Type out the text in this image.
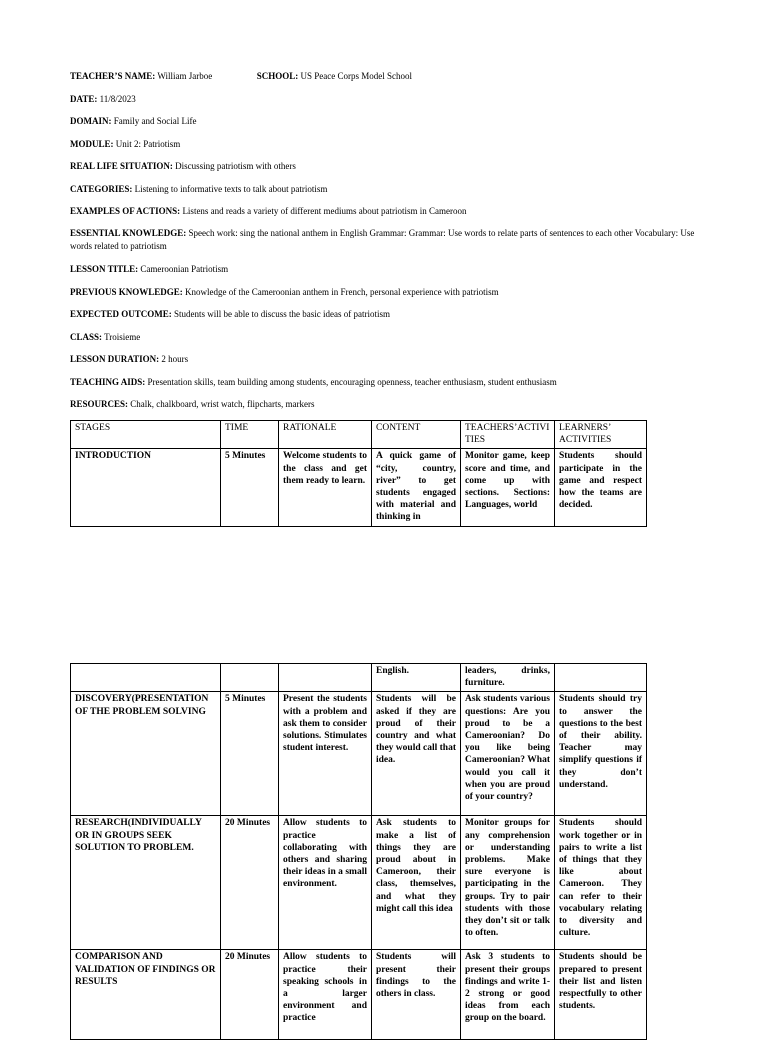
TEACHER’S NAME: William Jarboe	SCHOOL: US Peace Corps Model School
DATE: 11/8/2023
DOMAIN: Family and Social Life
MODULE: Unit 2: Patriotism
REAL LIFE SITUATION: Discussing patriotism with others
CATEGORIES: Listening to informative texts to talk about patriotism
EXAMPLES OF ACTIONS: Listens and reads a variety of different mediums about patriotism in Cameroon
ESSENTIAL KNOWLEDGE: Speech work: sing the national anthem in English Grammar: Grammar: Use words to relate parts of sentences to each other Vocabulary: Use words related to patriotism
LESSON TITLE: Cameroonian Patriotism
PREVIOUS KNOWLEDGE: Knowledge of the Cameroonian anthem in French, personal experience with patriotism
EXPECTED OUTCOME: Students will be able to discuss the basic ideas of patriotism
CLASS: Troisieme
LESSON DURATION: 2 hours
TEACHING AIDS: Presentation skills, team building among students, encouraging openness, teacher enthusiasm, student enthusiasm
RESOURCES: Chalk, chalkboard, wrist watch, flipcharts, markers
STAGES	TIME	RATIONALE	CONTENT	TEACHERS’ACTIVITIES	LEARNERS’ ACTIVITIES
INTRODUCTION	5 Minutes	Welcome students to the class and get them ready to learn.	A quick game of “city, country, river” to get students engaged with material and thinking in	Monitor game, keep score and time, and come up with sections. Sections: Languages, world	Students should participate in the game and respect how the teams are decided.
			English.	leaders, drinks, furniture.	
DISCOVERY(PRESENTATION OF THE PROBLEM SOLVING	5 Minutes	Present the students with a problem and ask them to consider solutions. Stimulates student interest.	Students will be asked if they are proud of their country and what they would call that idea.	Ask students various questions: Are you proud to be a Cameroonian? Do you like being Cameroonian? What would you call it when you are proud of your country?	Students should try to answer the questions to the best of their ability. Teacher may simplify questions if they don’t understand.
RESEARCH(INDIVIDUALLY OR IN GROUPS SEEK SOLUTION TO PROBLEM.	20 Minutes	Allow students to practice collaborating with others and sharing their ideas in a small environment.	Ask students to make a list of things they are proud about in Cameroon, their class, themselves, and what they might call this idea	Monitor groups for any comprehension or understanding problems. Make sure everyone is participating in the groups. Try to pair students with those they don’t sit or talk to often.	Students should work together or in pairs to write a list of things that they like about Cameroon. They can refer to their vocabulary relating to diversity and culture.
COMPARISON AND VALIDATION OF FINDINGS OR RESULTS	20 Minutes	Allow students to practice their speaking schools in a larger environment and practice	Students will present their findings to the others in class.	Ask 3 students to present their groups findings and write 1-2 strong or good ideas from each group on the board.	Students should be prepared to present their list and listen respectfully to other students.
